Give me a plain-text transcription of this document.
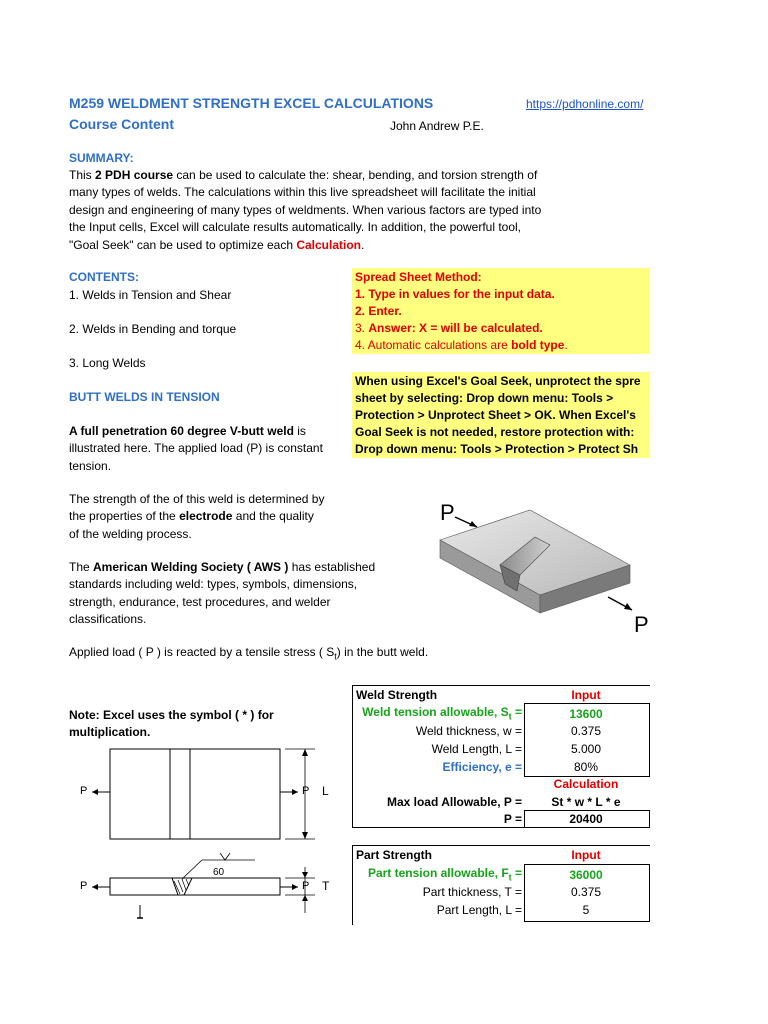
M259 WELDMENT STRENGTH EXCEL CALCULATIONS	https://pdhonline.com/
Course Content	John Andrew P.E.
SUMMARY:
This 2 PDH course can be used to calculate the: shear, bending, and torsion strength of
many types of welds. The calculations within this live spreadsheet will facilitate the initial
design and engineering of many types of weldments. When various factors are typed into
the Input cells, Excel will calculate results automatically. In addition, the powerful tool,
"Goal Seek" can be used to optimize each Calculation.
CONTENTS:
1. Welds in Tension and Shear
2. Welds in Bending and torque
3. Long Welds
Spread Sheet Method:
1. Type in values for the input data.
2. Enter.
3. Answer: X = will be calculated.
4. Automatic calculations are bold type.
When using Excel's Goal Seek, unprotect the spre
sheet by selecting: Drop down menu: Tools >
Protection > Unprotect Sheet > OK. When Excel's
Goal Seek is not needed, restore protection with:
Drop down menu: Tools > Protection > Protect Sh
BUTT WELDS IN TENSION
A full penetration 60 degree V-butt weld is
illustrated here. The applied load (P) is constant
tension.
The strength of the of this weld is determined by
the properties of the electrode and the quality
of the welding process.
The American Welding Society ( AWS ) has established
standards including weld: types, symbols, dimensions,
strength, endurance, test procedures, and welder
classifications.
Applied load ( P ) is reacted by a tensile stress ( $S_t$) in the butt weld.
Note: Excel uses the symbol ( * ) for
multiplication.
P
P
P	P L
P	P T
60
Weld Strength	Input
Weld tension allowable, $S_t$ =	13600
Weld thickness, w =	0.375
Weld Length, L =	5.000
Efficiency, e =	80%
Calculation
Max load Allowable, P =	St * w * L * e
P =	20400
Part Strength	Input
Part tension allowable, $F_t$ =	36000
Part thickness, T =	0.375
Part Length, L =	5
